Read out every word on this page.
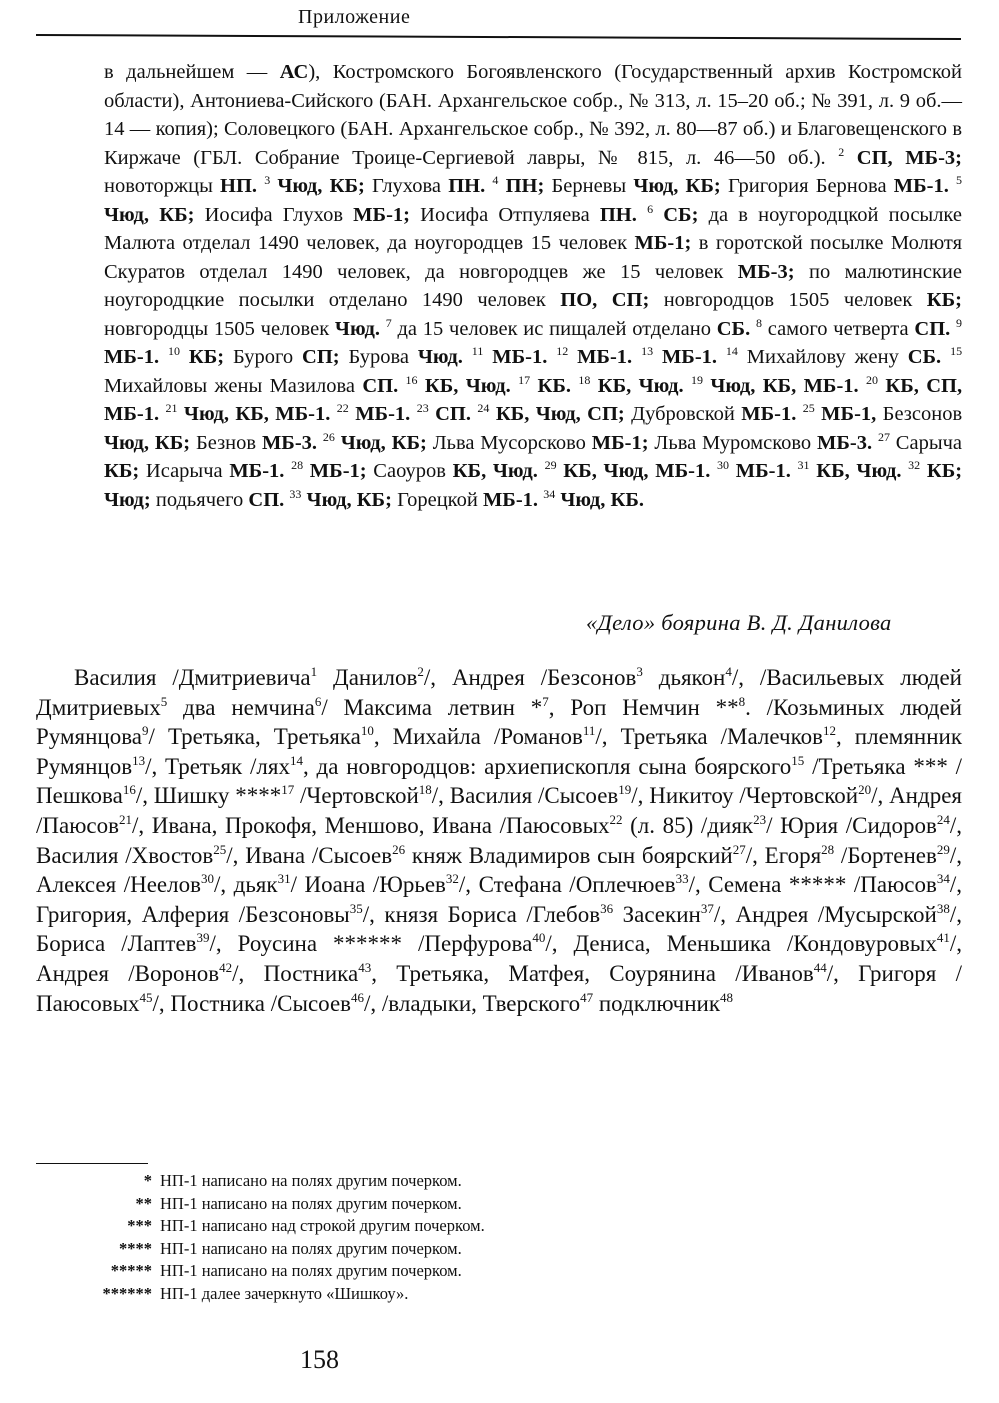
Приложение
в дальнейшем — АС), Костромского Богоявленского (Государственный архив Костромской области), Антониева-Сийского (БАН. Архангельское собр., № 313, л. 15–20 об.; № 391, л. 9 об.— 14 — копия); Соловецкого (БАН. Архангельское собр., № 392, л. 80—87 об.) и Благовещенского в Киржаче (ГБЛ. Собрание Троице-Сергиевой лавры, № 815, л. 46—50 об.). $^2$ СП, МБ-3; новоторжцы НП. $^3$ Чюд, КБ; Глухова ПН. $^4$ ПН; Берневы Чюд, КБ; Григория Бернова МБ-1. $^5$ Чюд, КБ; Иосифа Глухов МБ-1; Иосифа Отпуляева ПН. $^6$ СБ; да в ноугородцкой посылке Малюта отделал 1490 человек, да ноугородцев 15 человек МБ-1; в горотской посылке Молютя Скуратов отделал 1490 человек, да новгородцев же 15 человек МБ-3; по малютинские ноугородцкие посылки отделано 1490 человек ПО, СП; новгородцов 1505 человек КБ; новгородцы 1505 человек Чюд. $^7$ да 15 человек ис пищалей отделано СБ. $^8$ самого четверта СП. $^9$ МБ-1. $^{10}$ КБ; Бурого СП; Бурова Чюд. $^{11}$ МБ-1. $^{12}$ МБ-1. $^{13}$ МБ-1. $^{14}$ Михайлову жену СБ. $^{15}$ Михайловы жены Мазилова СП. $^{16}$ КБ, Чюд. $^{17}$ КБ. $^{18}$ КБ, Чюд. $^{19}$ Чюд, КБ, МБ-1. $^{20}$ КБ, СП, МБ-1. $^{21}$ Чюд, КБ, МБ-1. $^{22}$ МБ-1. $^{23}$ СП. $^{24}$ КБ, Чюд, СП; Дубровской МБ-1. $^{25}$ МБ-1, Безсонов Чюд, КБ; Безнов МБ-3. $^{26}$ Чюд, КБ; Льва Мусорсково МБ-1; Льва Муромсково МБ-3. $^{27}$ Сарыча КБ; Исарыча МБ-1. $^{28}$ МБ-1; Саоуров КБ, Чюд. $^{29}$ КБ, Чюд, МБ-1. $^{30}$ МБ-1. $^{31}$ КБ, Чюд. $^{32}$ КБ; Чюд; подьячего СП. $^{33}$ Чюд, КБ; Горецкой МБ-1. $^{34}$ Чюд, КБ.
«Дело» боярина В. Д. Данилова

Василия /Дмитриевича$^1$ Данилов$^2$/, Андрея /Безсонов$^3$ дьякон$^4$/, /Васильевых людей Дмитриевых$^5$ два немчина$^6$/ Максима летвин *$^7$, Роп Немчин **$^8$. /Козьминых людей Румянцова$^9$/ Третьяка, Третьяка$^{10}$, Михайла /Романов$^{11}$/, Третьяка /Малечков$^{12}$, племянник Румянцов$^{13}$/, Третьяк /лях$^{14}$, да новгородцов: архиепископля сына боярского$^{15}$ /Третьяка *** /Пешкова$^{16}$/, Шишку ****$^{17}$ /Чертовской$^{18}$/, Василия /Сысоев$^{19}$/, Никитоу /Чертовской$^{20}$/, Андрея /Паюсов$^{21}$/, Ивана, Прокофя, Меншово, Ивана /Паюсовых$^{22}$ (л. 85) /дияк$^{23}$/ Юрия /Сидоров$^{24}$/, Василия /Хвостов$^{25}$/, Ивана /Сысоев$^{26}$ княж Владимиров сын боярский$^{27}$/, Егоря$^{28}$ /Бортенев$^{29}$/, Алексея /Неелов$^{30}$/, дьяк$^{31}$/ Иоана /Юрьев$^{32}$/, Стефана /Оплечюев$^{33}$/, Семена ***** /Паюсов$^{34}$/, Григория, Алферия /Безсоновы$^{35}$/, князя Бориса /Глебов$^{36}$ Засекин$^{37}$/, Андрея /Мусырской$^{38}$/, Бориса /Лаптев$^{39}$/, Роусина ****** /Перфурова$^{40}$/, Дениса, Меньшика /Кондовуровых$^{41}$/, Андрея /Воронов$^{42}$/, Постника$^{43}$, Третьяка, Матфея, Соурянина /Иванов$^{44}$/, Григоря /Паюсовых$^{45}$/, Постника /Сысоев$^{46}$/, /владыки, Тверского$^{47}$ подключник$^{48}$

* НП-1 написано на полях другим почерком.
** НП-1 написано на полях другим почерком.
*** НП-1 написано над строкой другим почерком.
**** НП-1 написано на полях другим почерком.
***** НП-1 написано на полях другим почерком.
****** НП-1 далее зачеркнуто «Шишкоу».
158
